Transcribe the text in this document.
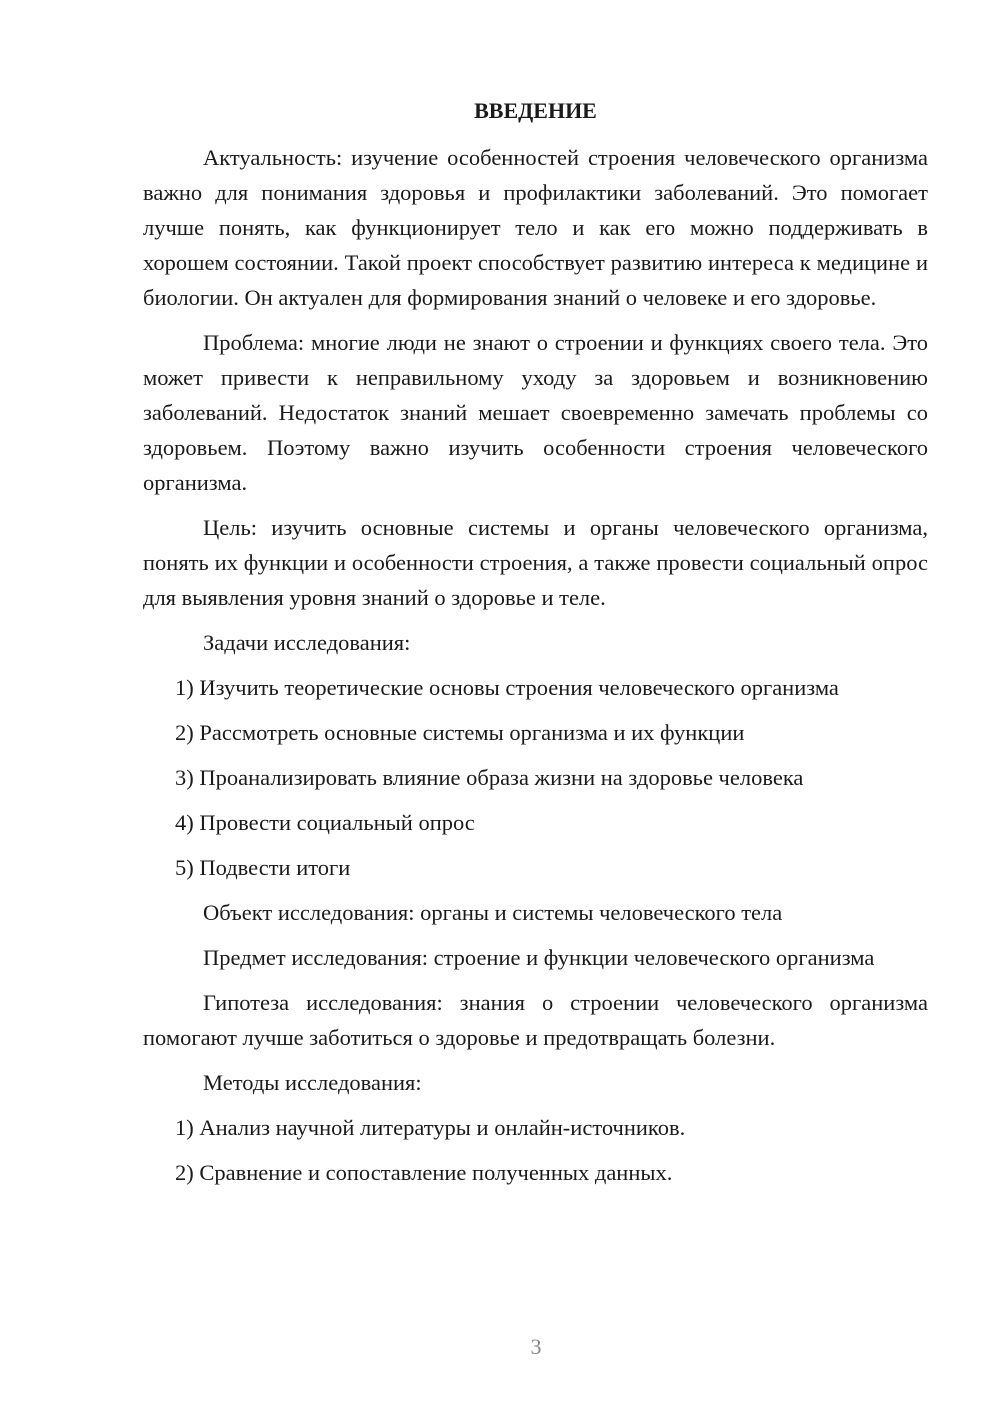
ВВЕДЕНИЕ

Актуальность: изучение особенностей строения человеческого организма важно для понимания здоровья и профилактики заболеваний. Это помогает лучше понять, как функционирует тело и как его можно поддерживать в хорошем состоянии. Такой проект способствует развитию интереса к медицине и биологии. Он актуален для формирования знаний о человеке и его здоровье.

Проблема: многие люди не знают о строении и функциях своего тела. Это может привести к неправильному уходу за здоровьем и возникновению заболеваний. Недостаток знаний мешает своевременно замечать проблемы со здоровьем. Поэтому важно изучить особенности строения человеческого организма.

Цель: изучить основные системы и органы человеческого организма, понять их функции и особенности строения, а также провести социальный опрос для выявления уровня знаний о здоровье и теле.

Задачи исследования:

1) Изучить теоретические основы строения человеческого организма

2) Рассмотреть основные системы организма и их функции

3) Проанализировать влияние образа жизни на здоровье человека

4) Провести социальный опрос

5) Подвести итоги

Объект исследования: органы и системы человеческого тела

Предмет исследования: строение и функции человеческого организма

Гипотеза исследования: знания о строении человеческого организма помогают лучше заботиться о здоровье и предотвращать болезни.

Методы исследования:

1) Анализ научной литературы и онлайн-источников.

2) Сравнение и сопоставление полученных данных.

3
